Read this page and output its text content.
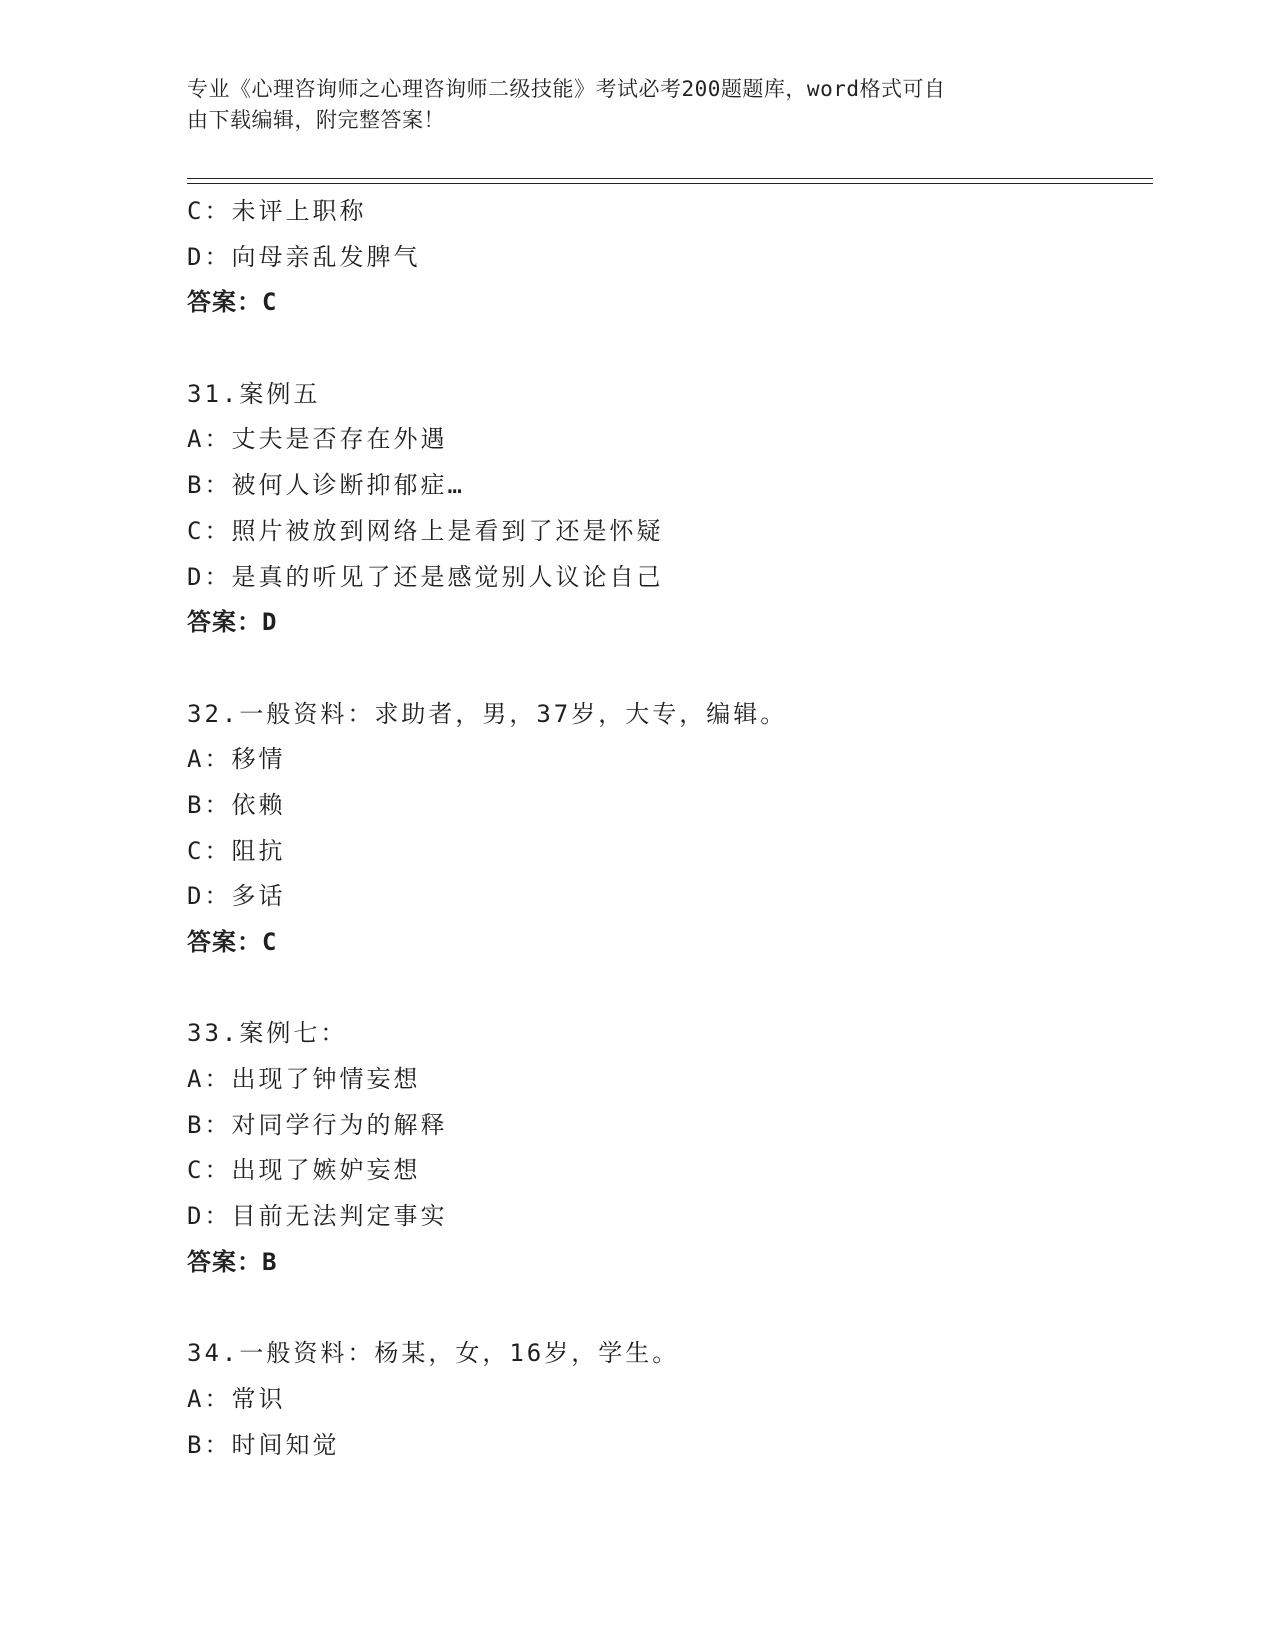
专业《心理咨询师之心理咨询师二级技能》考试必考200题题库，word格式可自
由下载编辑，附完整答案！
C：未评上职称
D：向母亲乱发脾气
答案：C
31.案例五
A：丈夫是否存在外遇
B：被何人诊断抑郁症…
C：照片被放到网络上是看到了还是怀疑
D：是真的听见了还是感觉别人议论自己
答案：D
32.一般资料：求助者，男，37岁，大专，编辑。
A：移情
B：依赖
C：阻抗
D：多话
答案：C
33.案例七：
A：出现了钟情妄想
B：对同学行为的解释
C：出现了嫉妒妄想
D：目前无法判定事实
答案：B
34.一般资料：杨某，女，16岁，学生。
A：常识
B：时间知觉
